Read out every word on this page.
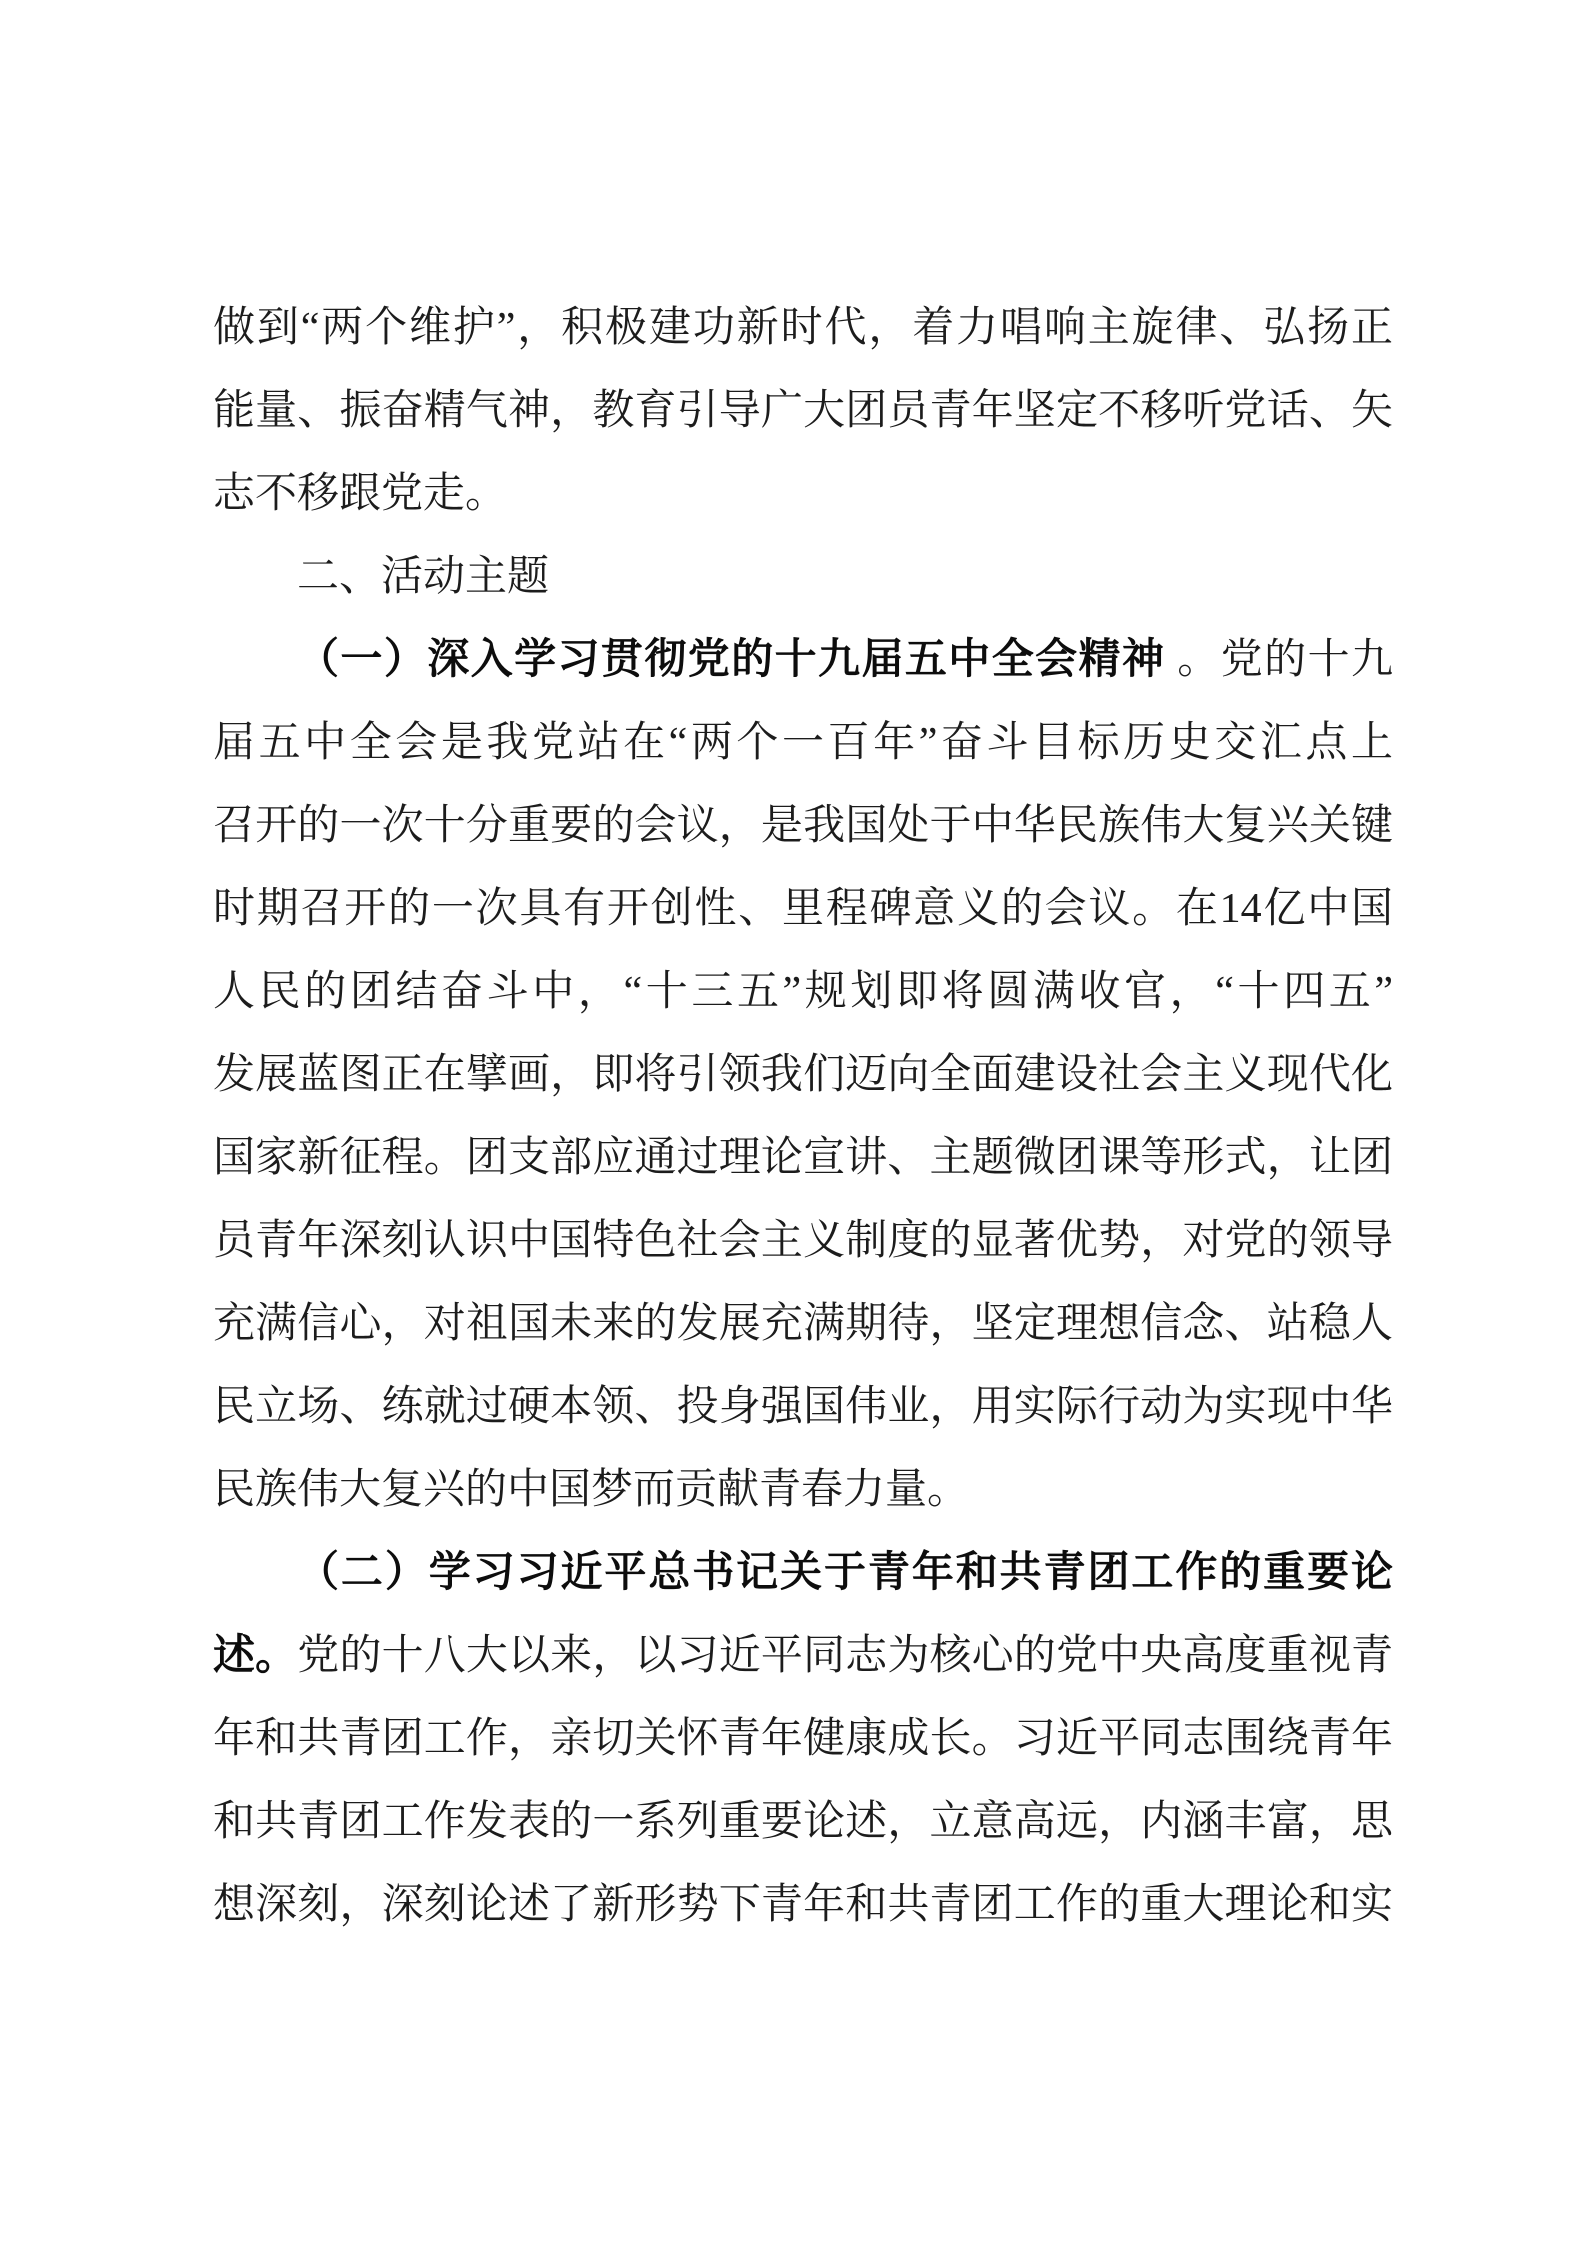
做到“两个维护”，积极建功新时代，着力唱响主旋律、弘扬正
能量、振奋精气神，教育引导广大团员青年坚定不移听党话、矢
志不移跟党走。
二、活动主题
（一）深入学习贯彻党的十九届五中全会精神 。党的十九
届五中全会是我党站在“两个一百年”奋斗目标历史交汇点上
召开的一次十分重要的会议，是我国处于中华民族伟大复兴关键
时期召开的一次具有开创性、里程碑意义的会议。在14亿中国
人民的团结奋斗中，“十三五”规划即将圆满收官，“十四五”
发展蓝图正在擘画，即将引领我们迈向全面建设社会主义现代化
国家新征程。团支部应通过理论宣讲、主题微团课等形式，让团
员青年深刻认识中国特色社会主义制度的显著优势，对党的领导
充满信心，对祖国未来的发展充满期待，坚定理想信念、站稳人
民立场、练就过硬本领、投身强国伟业，用实际行动为实现中华
民族伟大复兴的中国梦而贡献青春力量。
（二）学习习近平总书记关于青年和共青团工作的重要论
述。党的十八大以来，以习近平同志为核心的党中央高度重视青
年和共青团工作，亲切关怀青年健康成长。习近平同志围绕青年
和共青团工作发表的一系列重要论述，立意高远，内涵丰富，思
想深刻，深刻论述了新形势下青年和共青团工作的重大理论和实
